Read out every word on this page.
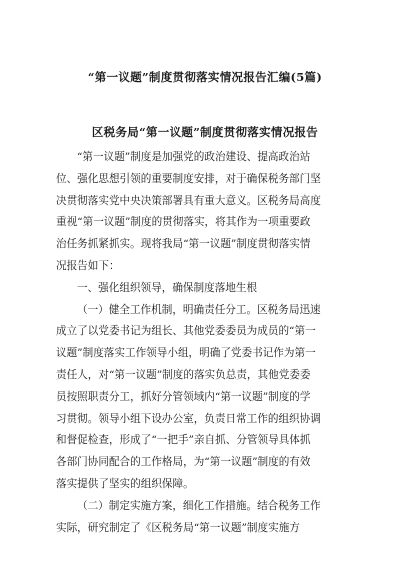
“第一议题”制度贯彻落实情况报告汇编(5篇)
区税务局“第一议题”制度贯彻落实情况报告
“第一议题”制度是加强党的政治建设、提高政治站
位、强化思想引领的重要制度安排，对于确保税务部门坚
决贯彻落实党中央决策部署具有重大意义。区税务局高度
重视“第一议题”制度的贯彻落实，将其作为一项重要政
治任务抓紧抓实。现将我局“第一议题”制度贯彻落实情
况报告如下：
一、强化组织领导，确保制度落地生根
（一）健全工作机制，明确责任分工。区税务局迅速
成立了以党委书记为组长、其他党委委员为成员的“第一
议题”制度落实工作领导小组，明确了党委书记作为第一
责任人，对“第一议题”制度的落实负总责，其他党委委
员按照职责分工，抓好分管领域内“第一议题”制度的学
习贯彻。领导小组下设办公室，负责日常工作的组织协调
和督促检查，形成了“一把手”亲自抓、分管领导具体抓
各部门协同配合的工作格局，为“第一议题”制度的有效
落实提供了坚实的组织保障。
（二）制定实施方案，细化工作措施。结合税务工作
实际，研究制定了《区税务局“第一议题”制度实施方
